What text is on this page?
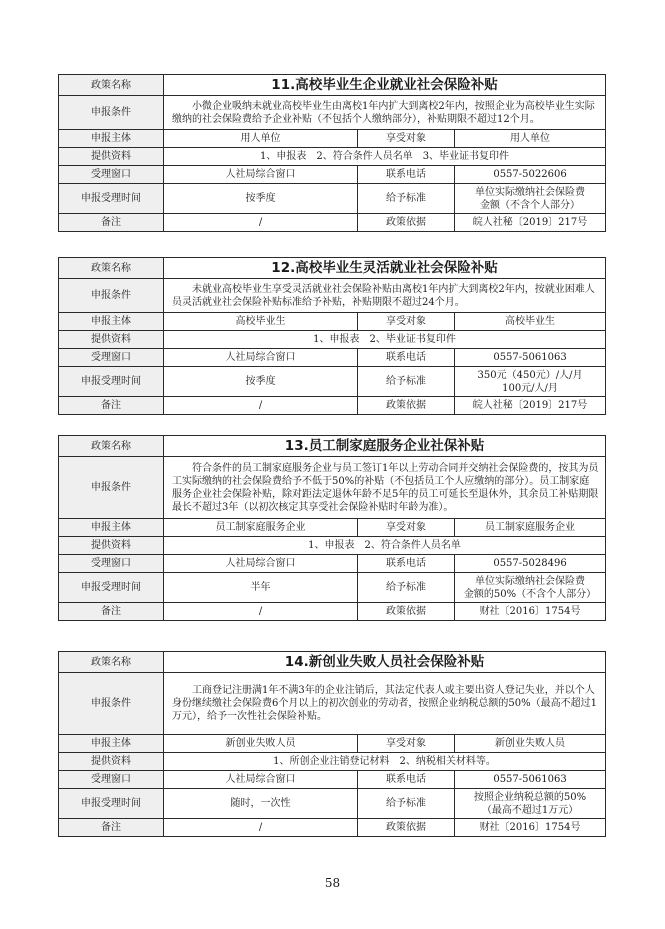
政策名称	11.高校毕业生企业就业社会保险补贴		
申报条件	小微企业吸纳未就业高校毕业生由离校1年内扩大到离校2年内，按照企业为高校毕业生实际缴纳的社会保险费给予企业补贴（不包括个人缴纳部分），补贴期限不超过12个月。		
申报主体	用人单位	享受对象	用人单位
提供资料	1、申报表　2、符合条件人员名单　3、毕业证书复印件		
受理窗口	人社局综合窗口	联系电话	0557-5022606
申报受理时间	按季度	给予标准	单位实际缴纳社会保险费
金额（不含个人部分）
备注	/	政策依据	皖人社秘〔2019〕217号
政策名称	12.高校毕业生灵活就业社会保险补贴		
申报条件	未就业高校毕业生享受灵活就业社会保险补贴由离校1年内扩大到离校2年内，按就业困难人员灵活就业社会保险补贴标准给予补贴，补贴期限不超过24个月。		
申报主体	高校毕业生	享受对象	高校毕业生
提供资料	1、申报表　2、毕业证书复印件		
受理窗口	人社局综合窗口	联系电话	0557-5061063
申报受理时间	按季度	给予标准	350元（450元）/人/月
100元/人/月
备注	/	政策依据	皖人社秘〔2019〕217号
政策名称	13.员工制家庭服务企业社保补贴		
申报条件	符合条件的员工制家庭服务企业与员工签订1年以上劳动合同并交纳社会保险费的，按其为员工实际缴纳的社会保险费给予不低于50%的补贴（不包括员工个人应缴纳的部分）。员工制家庭服务企业社会保险补贴，除对距法定退休年龄不足5年的员工可延长至退休外，其余员工补贴期限最长不超过3年（以初次核定其享受社会保险补贴时年龄为准）。		
申报主体	员工制家庭服务企业	享受对象	员工制家庭服务企业
提供资料	1、申报表　2、符合条件人员名单		
受理窗口	人社局综合窗口	联系电话	0557-5028496
申报受理时间	半年	给予标准	单位实际缴纳社会保险费
金额的50%（不含个人部分）
备注	/	政策依据	财社〔2016〕1754号
政策名称	14.新创业失败人员社会保险补贴		
申报条件	工商登记注册满1年不满3年的企业注销后，其法定代表人或主要出资人登记失业，并以个人身份继续缴社会保险费6个月以上的初次创业的劳动者，按照企业纳税总额的50%（最高不超过1万元），给予一次性社会保险补贴。		
申报主体	新创业失败人员	享受对象	新创业失败人员
提供资料	1、所创企业注销登记材料　2、纳税相关材料等。		
受理窗口	人社局综合窗口	联系电话	0557-5061063
申报受理时间	随时，一次性	给予标准	按照企业纳税总额的50%
（最高不超过1万元）
备注	/	政策依据	财社〔2016〕1754号
58
